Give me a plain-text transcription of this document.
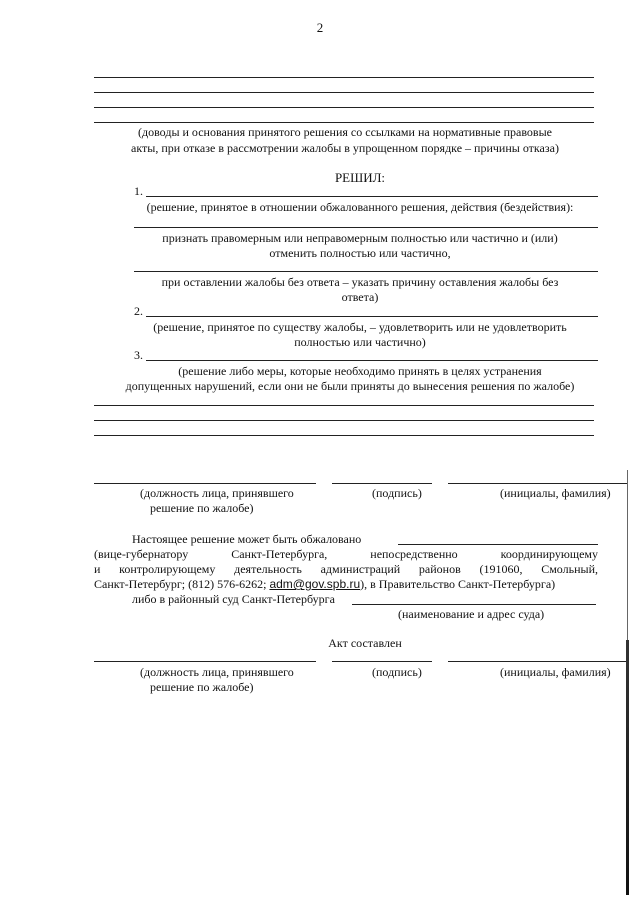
2
(доводы и основания принятого решения со ссылками на нормативные правовые
акты, при отказе в рассмотрении жалобы в упрощенном порядке – причины отказа)
РЕШИЛ:
1.
(решение, принятое в отношении обжалованного решения, действия (бездействия):
признать правомерным или неправомерным полностью или частично и (или)
отменить полностью или частично,
при оставлении жалобы без ответа – указать причину оставления жалобы без
ответа)
2.
(решение, принятое по существу жалобы, – удовлетворить или не удовлетворить
полностью или частично)
3.
(решение либо меры, которые необходимо принять в целях устранения
допущенных нарушений, если они не были приняты до вынесения решения по жалобе)
(должность лица, принявшего
решение по жалобе)
(подпись)	(инициалы, фамилия)
Настоящее решение может быть обжаловано
(вице-губернатору	Санкт-Петербурга,	непосредственно	координирующему
и контролирующему деятельность администраций районов (191060, Смольный,
Санкт-Петербург; (812) 576-6262; adm@gov.spb.ru), в Правительство Санкт-Петербурга)
либо в районный суд Санкт-Петербурга
(наименование и адрес суда)
Акт составлен
(должность лица, принявшего
решение по жалобе)
(подпись)	(инициалы, фамилия)
